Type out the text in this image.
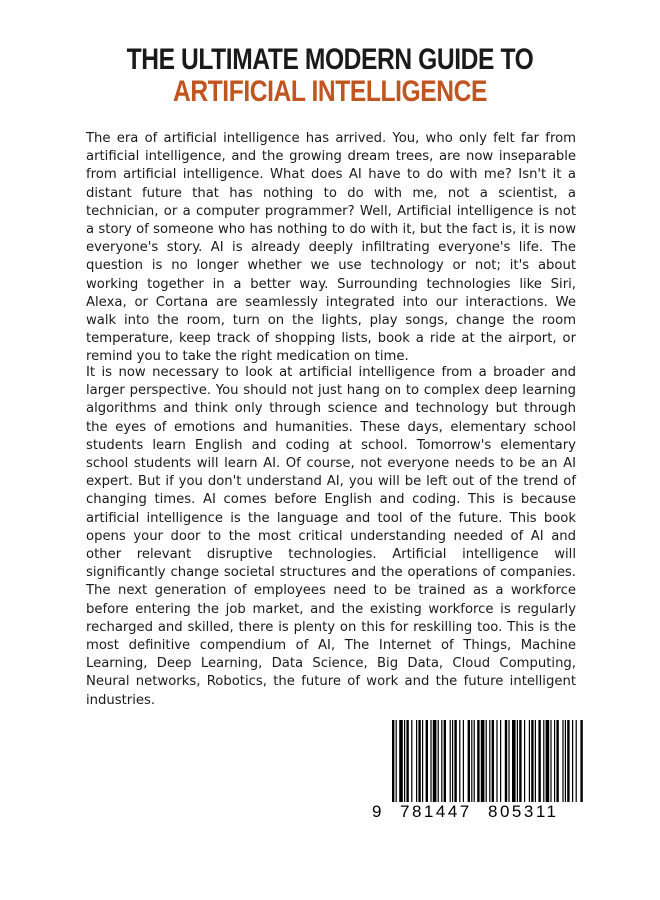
THE ULTIMATE MODERN GUIDE TO
ARTIFICIAL INTELLIGENCE

The era of artificial intelligence has arrived. You, who only felt far from artificial intelligence, and the growing dream trees, are now inseparable from artificial intelligence. What does AI have to do with me? Isn't it a distant future that has nothing to do with me, not a scientist, a technician, or a computer programmer? Well, Artificial intelligence is not a story of someone who has nothing to do with it, but the fact is, it is now everyone's story. AI is already deeply infiltrating everyone's life. The question is no longer whether we use technology or not; it's about working together in a better way. Surrounding technologies like Siri, Alexa, or Cortana are seamlessly integrated into our interactions. We walk into the room, turn on the lights, play songs, change the room temperature, keep track of shopping lists, book a ride at the airport, or remind you to take the right medication on time.

It is now necessary to look at artificial intelligence from a broader and larger perspective. You should not just hang on to complex deep learning algorithms and think only through science and technology but through the eyes of emotions and humanities. These days, elementary school students learn English and coding at school. Tomorrow's elementary school students will learn AI. Of course, not everyone needs to be an AI expert. But if you don't understand AI, you will be left out of the trend of changing times. AI comes before English and coding. This is because artificial intelligence is the language and tool of the future. This book opens your door to the most critical understanding needed of AI and other relevant disruptive technologies. Artificial intelligence will significantly change societal structures and the operations of companies. The next generation of employees need to be trained as a workforce before entering the job market, and the existing workforce is regularly recharged and skilled, there is plenty on this for reskilling too. This is the most definitive compendium of AI, The Internet of Things, Machine Learning, Deep Learning, Data Science, Big Data, Cloud Computing, Neural networks, Robotics, the future of work and the future intelligent industries.

9 781447 805311
